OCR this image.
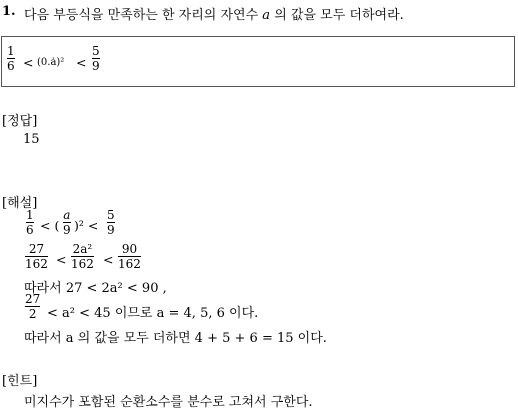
1. 다음 부등식을 만족하는 한 자리의 자연수 a 의 값을 모두 더하여라.
1
6 < (0.ȧ)² <
5
9
[정답]
15
[해설]
1
6 < (
a
9 )² <
5
9
27
162 <
2a²
162 <
90
162
따라서 27 < 2a² < 90 ,
27
2 < a² < 45 이므로 a = 4, 5, 6 이다.
따라서 a 의 값을 모두 더하면 4 + 5 + 6 = 15 이다.
[힌트]
미지수가 포함된 순환소수를 분수로 고쳐서 구한다.
